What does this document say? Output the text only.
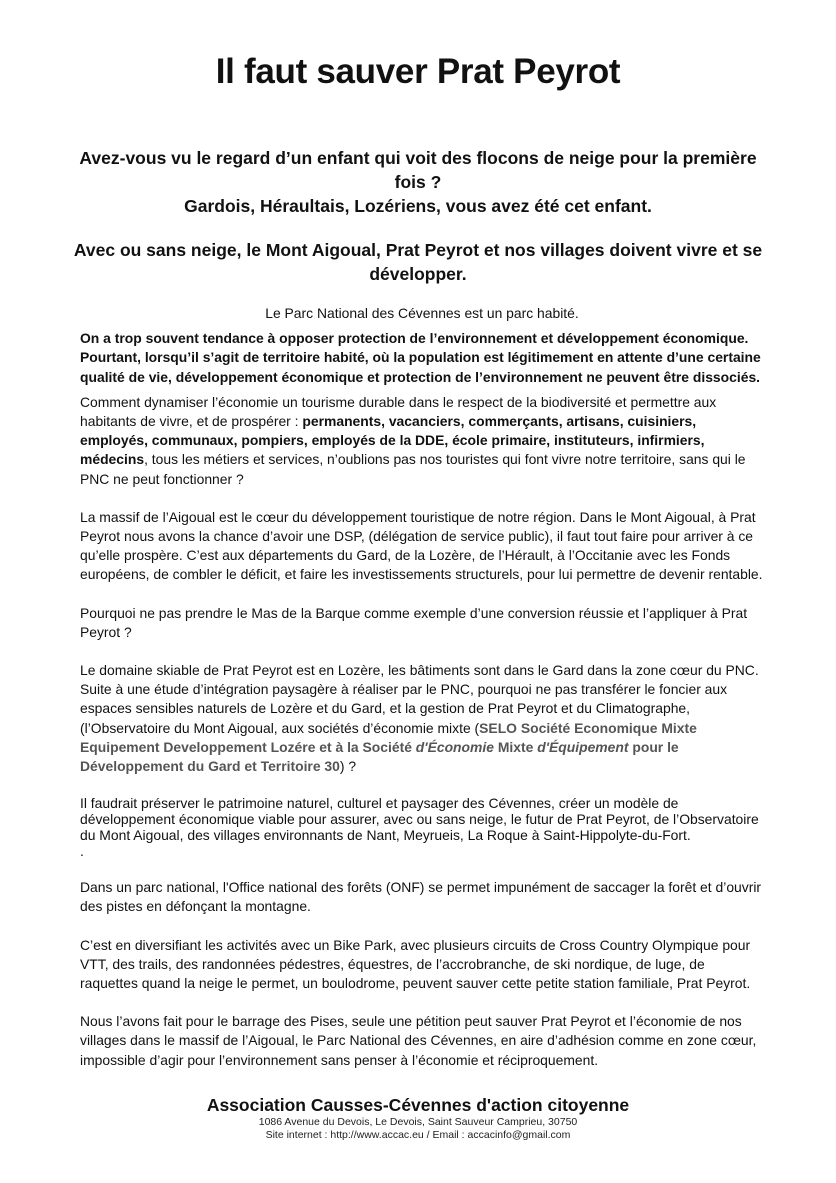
Il faut sauver Prat Peyrot

Avez-vous vu le regard d’un enfant qui voit des flocons de neige pour la première fois ?

Gardois, Héraultais, Lozériens, vous avez été cet enfant.

Avec ou sans neige, le Mont Aigoual, Prat Peyrot et nos villages doivent vivre et se développer.

Le Parc National des Cévennes est un parc habité.

On a trop souvent tendance à opposer protection de l’environnement et développement économique. Pourtant, lorsqu’il s’agit de territoire habité, où la population est légitimement en attente d’une certaine qualité de vie, développement économique et protection de l’environnement ne peuvent être dissociés.

Comment dynamiser l’économie un tourisme durable dans le respect de la biodiversité et permettre aux habitants de vivre, et de prospérer : permanents, vacanciers, commerçants, artisans, cuisiniers, employés, communaux, pompiers, employés de la DDE, école primaire, instituteurs, infirmiers, médecins, tous les métiers et services, n’oublions pas nos touristes qui font vivre notre territoire, sans qui le PNC ne peut fonctionner ?

La massif de l’Aigoual est le cœur du développement touristique de notre région. Dans le Mont Aigoual, à Prat Peyrot nous avons la chance d’avoir une DSP, (délégation de service public), il faut tout faire pour arriver à ce qu’elle prospère. C’est aux départements du Gard, de la Lozère, de l’Hérault, à l’Occitanie avec les Fonds européens, de combler le déficit, et faire les investissements structurels, pour lui permettre de devenir rentable.

Pourquoi ne pas prendre le Mas de la Barque comme exemple d’une conversion réussie et l’appliquer à Prat Peyrot ?

Le domaine skiable de Prat Peyrot est en Lozère, les bâtiments sont dans le Gard dans la zone cœur du PNC. Suite à une étude d’intégration paysagère à réaliser par le PNC, pourquoi ne pas transférer le foncier aux espaces sensibles naturels de Lozère et du Gard, et la gestion de Prat Peyrot et du Climatographe, (l’Observatoire du Mont Aigoual, aux sociétés d’économie mixte (SELO Société Economique Mixte Equipement Developpement Lozére et à la Société d'Économie Mixte d'Équipement pour le Développement du Gard et Territoire 30) ?

Il faudrait préserver le patrimoine naturel, culturel et paysager des Cévennes, créer un modèle de développement économique viable pour assurer, avec ou sans neige, le futur de Prat Peyrot, de l’Observatoire du Mont Aigoual, des villages environnants de Nant, Meyrueis, La Roque à Saint-Hippolyte-du-Fort.

.

Dans un parc national, l'Office national des forêts (ONF) se permet impunément de saccager la forêt et d’ouvrir des pistes en défonçant la montagne.

C’est en diversifiant les activités avec un Bike Park, avec plusieurs circuits de Cross Country Olympique pour VTT, des trails, des randonnées pédestres, équestres, de l’accrobranche, de ski nordique, de luge, de raquettes quand la neige le permet, un boulodrome, peuvent sauver cette petite station familiale, Prat Peyrot.

Nous l’avons fait pour le barrage des Pises, seule une pétition peut sauver Prat Peyrot et l’économie de nos villages dans le massif de l’Aigoual, le Parc National des Cévennes, en aire d’adhésion comme en zone cœur, impossible d’agir pour l’environnement sans penser à l’économie et réciproquement.

Association Causses-Cévennes d'action citoyenne
1086 Avenue du Devois, Le Devois, Saint Sauveur Camprieu, 30750
Site internet : http://www.accac.eu / Email : accacinfo@gmail.com
